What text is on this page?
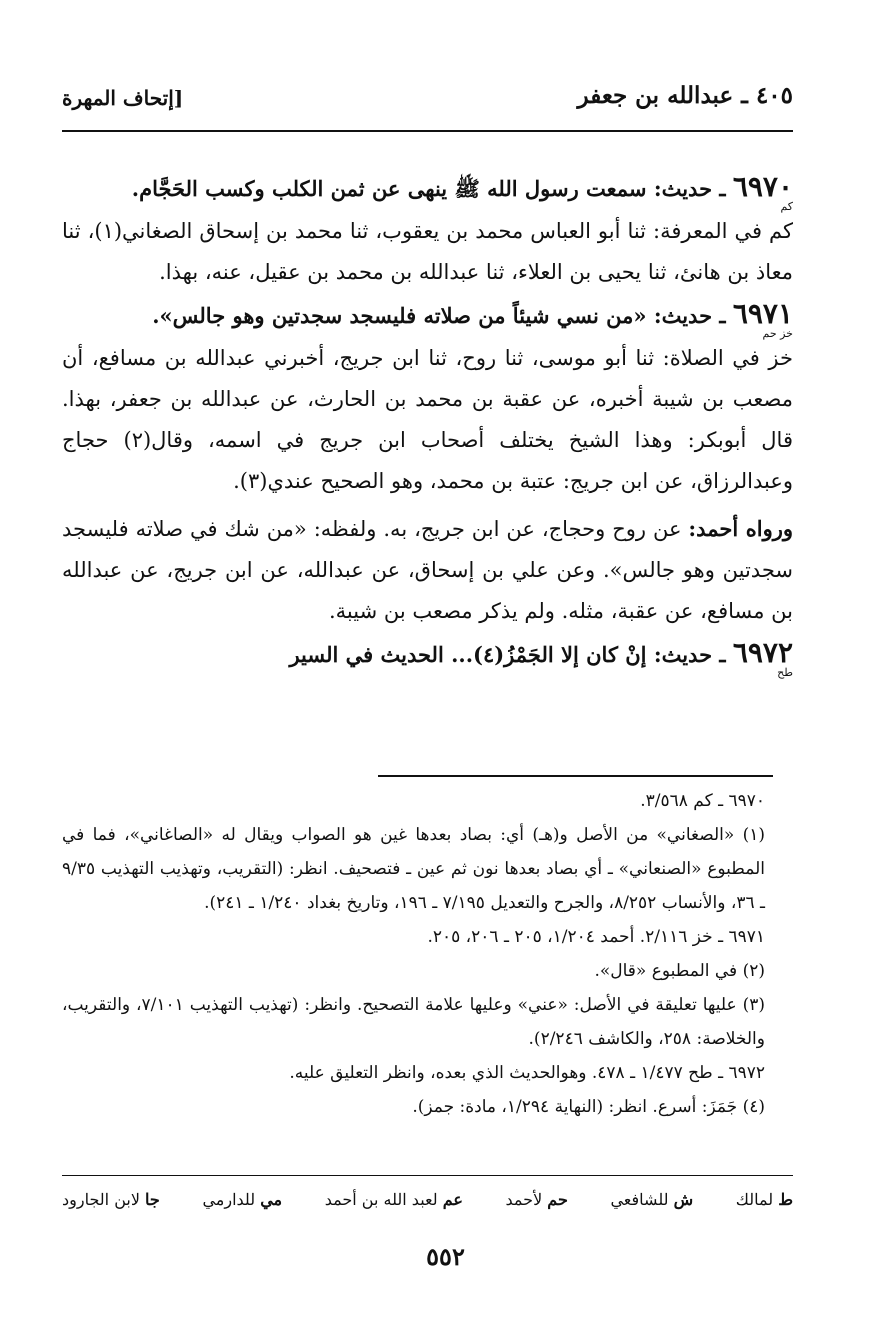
٤٠٥ ـ عبدالله بن جعفر
[إتحاف المهرة
٦٩٧٠ ـ حديث: سمعت رسول الله ﷺ ينهى عن ثمن الكلب وكسب الحَجَّام.
كم

كم في المعرفة: ثنا أبو العباس محمد بن يعقوب، ثنا محمد بن إسحاق الصغاني(١)، ثنا معاذ بن هانئ، ثنا يحيى بن العلاء، ثنا عبدالله بن محمد بن عقيل، عنه، بهذا.

٦٩٧١ ـ حديث: «من نسي شيئاً من صلاته فليسجد سجدتين وهو جالس».
خز حم

خز في الصلاة: ثنا أبو موسى، ثنا روح، ثنا ابن جريج، أخبرني عبدالله بن مسافع، أن مصعب بن شيبة أخبره، عن عقبة بن محمد بن الحارث، عن عبدالله بن جعفر، بهذا. قال أبوبكر: وهذا الشيخ يختلف أصحاب ابن جريج في اسمه، وقال(٢) حجاج وعبدالرزاق، عن ابن جريج: عتبة بن محمد، وهو الصحيح عندي(٣).

ورواه أحمد: عن روح وحجاج، عن ابن جريج، به. ولفظه: «من شك في صلاته فليسجد سجدتين وهو جالس». وعن علي بن إسحاق، عن عبدالله، عن ابن جريج، عن عبدالله بن مسافع، عن عقبة، مثله. ولم يذكر مصعب بن شيبة.

٦٩٧٢ ـ حديث: إنْ كان إلا الجَمْزُ(٤)... الحديث في السير
طح

٦٩٧٠ ـ كم ٣/٥٦٨.

(١) «الصغاني» من الأصل و(هـ) أي: بصاد بعدها غين هو الصواب ويقال له «الصاغاني»، فما في المطبوع «الصنعاني» ـ أي بصاد بعدها نون ثم عين ـ فتصحيف. انظر: (التقريب، وتهذيب التهذيب ٩/٣٥ ـ ٣٦، والأنساب ٨/٢٥٢، والجرح والتعديل ٧/١٩٥ ـ ١٩٦، وتاريخ بغداد ١/٢٤٠ ـ ٢٤١).

٦٩٧١ ـ خز ٢/١١٦. أحمد ١/٢٠٤، ٢٠٥ ـ ٢٠٦، ٢٠٥.

(٢) في المطبوع «قال».

(٣) عليها تعليقة في الأصل: «عني» وعليها علامة التصحيح. وانظر: (تهذيب التهذيب ٧/١٠١، والتقريب، والخلاصة: ٢٥٨، والكاشف ٢/٢٤٦).

٦٩٧٢ ـ طح ١/٤٧٧ ـ ٤٧٨. وهوالحديث الذي بعده، وانظر التعليق عليه.

(٤) جَمَزَ: أسرع. انظر: (النهاية ١/٢٩٤، مادة: جمز).

ط لمالك
ش للشافعي
حم لأحمد
عم لعبد الله بن أحمد
مي للدارمي
جا لابن الجارود
٥٥٢
